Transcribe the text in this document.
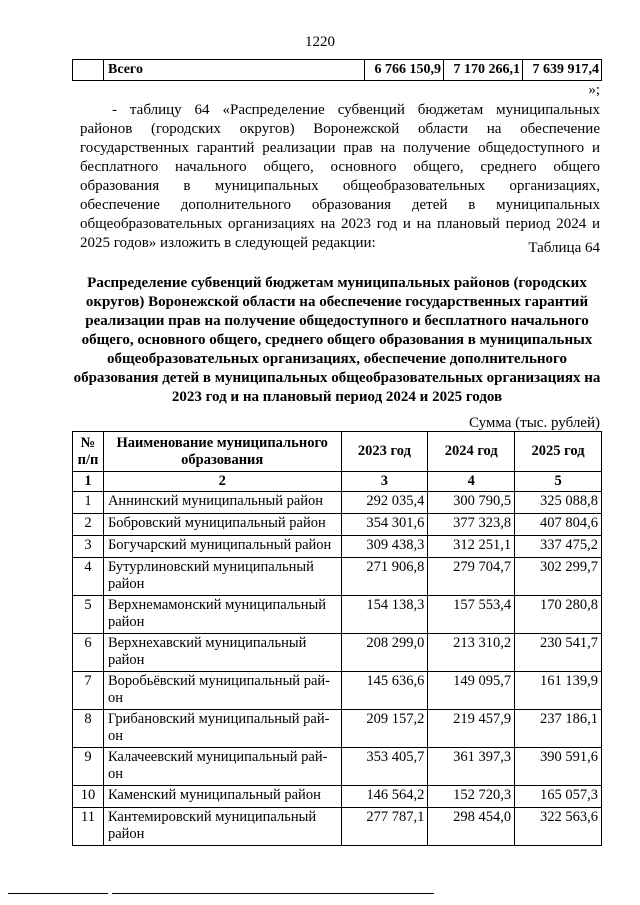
1220
	Всего	6 766 150,9	7 170 266,1	7 639 917,4
»;

- таблицу 64 «Распределение субвенций бюджетам муниципальных районов (городских округов) Воронежской области на обеспечение государственных гарантий реализации прав на получение общедоступного и бесплатного начального общего, основного общего, среднего общего образования в муниципальных общеобразовательных организациях, обеспечение дополнительного образования детей в муниципальных общеобразовательных организациях на 2023 год и на плановый период 2024 и 2025 годов» изложить в следующей редакции:	Таблица 64

Распределение субвенций бюджетам муниципальных районов (городских округов) Воронежской области на обеспечение государственных гарантий реализации прав на получение общедоступного и бесплатного начального общего, основного общего, среднего общего образования в муниципальных общеобразовательных организациях, обеспечение дополнительного образования детей в муниципальных общеобразовательных организациях на 2023 год и на плановый период 2024 и 2025 годов

Сумма (тыс. рублей)
№ п/п	Наименование муниципального образования	2023 год	2024 год	2025 год
1	2	3	4	5
1	Аннинский муниципальный район	292 035,4	300 790,5	325 088,8
2	Бобровский муниципальный район	354 301,6	377 323,8	407 804,6
3	Богучарский муниципальный район	309 438,3	312 251,1	337 475,2
4	Бутурлиновский муниципальный район	271 906,8	279 704,7	302 299,7
5	Верхнемамонский муниципальный район	154 138,3	157 553,4	170 280,8
6	Верхнехавский муниципальный район	208 299,0	213 310,2	230 541,7
7	Воробьёвский муниципальный рай-он	145 636,6	149 095,7	161 139,9
8	Грибановский муниципальный рай-он	209 157,2	219 457,9	237 186,1
9	Калачеевский муниципальный рай-он	353 405,7	361 397,3	390 591,6
10	Каменский муниципальный район	146 564,2	152 720,3	165 057,3
11	Кантемировский муниципальный район	277 787,1	298 454,0	322 563,6
